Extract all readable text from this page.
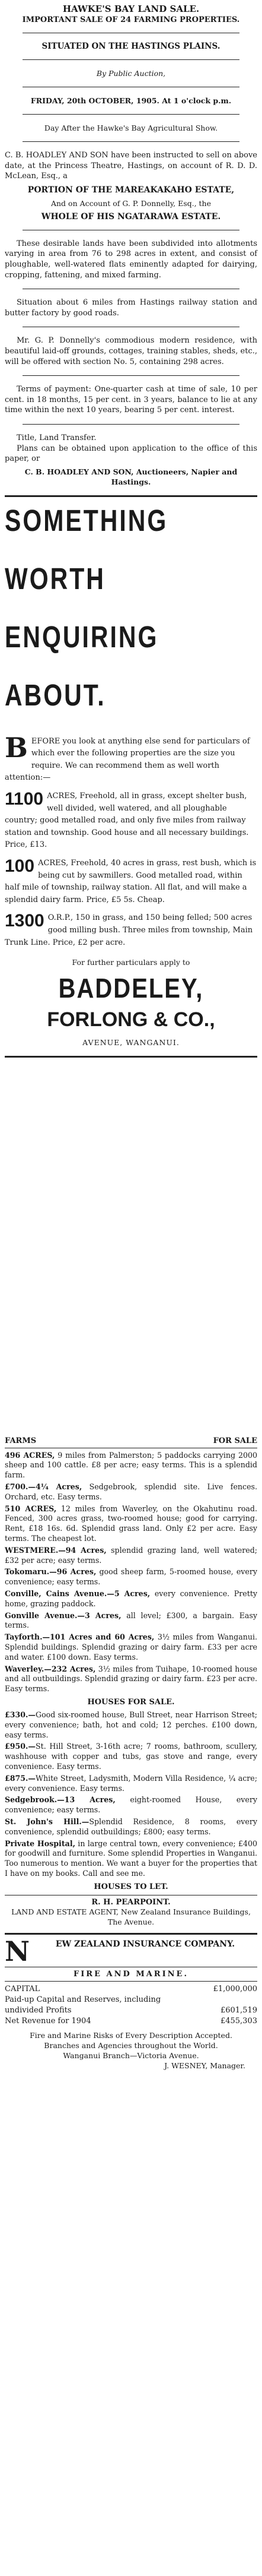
HAWKE'S BAY LAND SALE.
IMPORTANT SALE OF 24 FARMING PROPERTIES.
SITUATED ON THE HASTINGS PLAINS.
By Public Auction,
FRIDAY, 20th OCTOBER, 1905. At 1 o'clock p.m.
Day After the Hawke's Bay Agricultural Show.
C. B. HOADLEY AND SON have been instructed to sell on above date, at the Princess Theatre, Hastings, on account of R. D. D. McLean, Esq., a
PORTION OF THE MAREAKAKAHO ESTATE,
And on Account of G. P. Donnelly, Esq., the
WHOLE OF HIS NGATARAWA ESTATE.
These desirable lands have been subdivided into allotments varying in area from 76 to 298 acres in extent, and consist of ploughable, well-watered flats eminently adapted for dairying, cropping, fattening, and mixed farming.
Situation about 6 miles from Hastings railway station and butter factory by good roads.
Mr. G. P. Donnelly's commodious modern residence, with beautiful laid-off grounds, cottages, training stables, sheds, etc., will be offered with section No. 5, containing 298 acres.
Terms of payment: One-quarter cash at time of sale, 10 per cent. in 18 months, 15 per cent. in 3 years, balance to lie at any time within the next 10 years, bearing 5 per cent. interest.
Title, Land Transfer.
Plans can be obtained upon application to the office of this paper, or
C. B. HOADLEY AND SON, Auctioneers, Napier and Hastings.
SOMETHING
WORTH
ENQUIRING
ABOUT.
B EFORE you look at anything else send for particulars of which ever the following properties are the size you require. We can recommend them as well worth attention:—
1100 ACRES, Freehold, all in grass, except shelter bush, well divided, well watered, and all ploughable country; good metalled road, and only five miles from railway station and township. Good house and all necessary buildings. Price, £13.
100 ACRES, Freehold, 40 acres in grass, rest bush, which is being cut by sawmillers. Good metalled road, within half mile of township, railway station. All flat, and will make a splendid dairy farm. Price, £5 5s. Cheap.
1300 O.R.P., 150 in grass, and 150 being felled; 500 acres good milling bush. Three miles from township, Main Trunk Line. Price, £2 per acre.
For further particulars apply to
BADDELEY,
FORLONG & CO.,
AVENUE, WANGANUI.
FARMS	FOR SALE
496 ACRES, 9 miles from Palmerston; 5 paddocks carrying 2000 sheep and 100 cattle. £8 per acre; easy terms. This is a splendid farm.
£700.—4¼ Acres, Sedgebrook, splendid site. Live fences. Orchard, etc. Easy terms.
510 ACRES, 12 miles from Waverley, on the Okahutinu road. Fenced, 300 acres grass, two-roomed house; good for carrying. Rent, £18 16s. 6d. Splendid grass land. Only £2 per acre. Easy terms. The cheapest lot.
WESTMERE.—94 Acres, splendid grazing land, well watered; £32 per acre; easy terms.
Tokomaru.—96 Acres, good sheep farm, 5-roomed house, every convenience; easy terms.
Conville, Cains Avenue.—5 Acres, every convenience. Pretty home, grazing paddock.
Gonville Avenue.—3 Acres, all level; £300, a bargain. Easy terms.
Tayforth.—101 Acres and 60 Acres, 3½ miles from Wanganui. Splendid buildings. Splendid grazing or dairy farm. £33 per acre and water. £100 down. Easy terms.
Waverley.—232 Acres, 3½ miles from Tuihape, 10-roomed house and all outbuildings. Splendid grazing or dairy farm. £23 per acre. Easy terms.
HOUSES FOR SALE.
£330.—Good six-roomed house, Bull Street, near Harrison Street; every convenience; bath, hot and cold; 12 perches. £100 down, easy terms.
£950.—St. Hill Street, 3-16th acre; 7 rooms, bathroom, scullery, washhouse with copper and tubs, gas stove and range, every convenience. Easy terms.
£875.—White Street, Ladysmith, Modern Villa Residence, ¼ acre; every convenience. Easy terms.
Sedgebrook.—13 Acres, eight-roomed House, every convenience; easy terms.
St. John's Hill.—Splendid Residence, 8 rooms, every convenience, splendid outbuildings; £800; easy terms.
Private Hospital, in large central town, every convenience; £400 for goodwill and furniture. Some splendid Properties in Wanganui. Too numerous to mention. We want a buyer for the properties that I have on my books. Call and see me.
HOUSES TO LET.
R. H. PEARPOINT.
LAND AND ESTATE AGENT, New Zealand Insurance Buildings, The Avenue.
N	EW ZEALAND INSURANCE COMPANY.
FIRE AND MARINE.
CAPITAL	£1,000,000
Paid-up Capital and Reserves, including undivided Profits	£601,519
Net Revenue for 1904	£455,303
Fire and Marine Risks of Every Description Accepted.
Branches and Agencies throughout the World.
Wanganui Branch—Victoria Avenue.
J. WESNEY, Manager.
